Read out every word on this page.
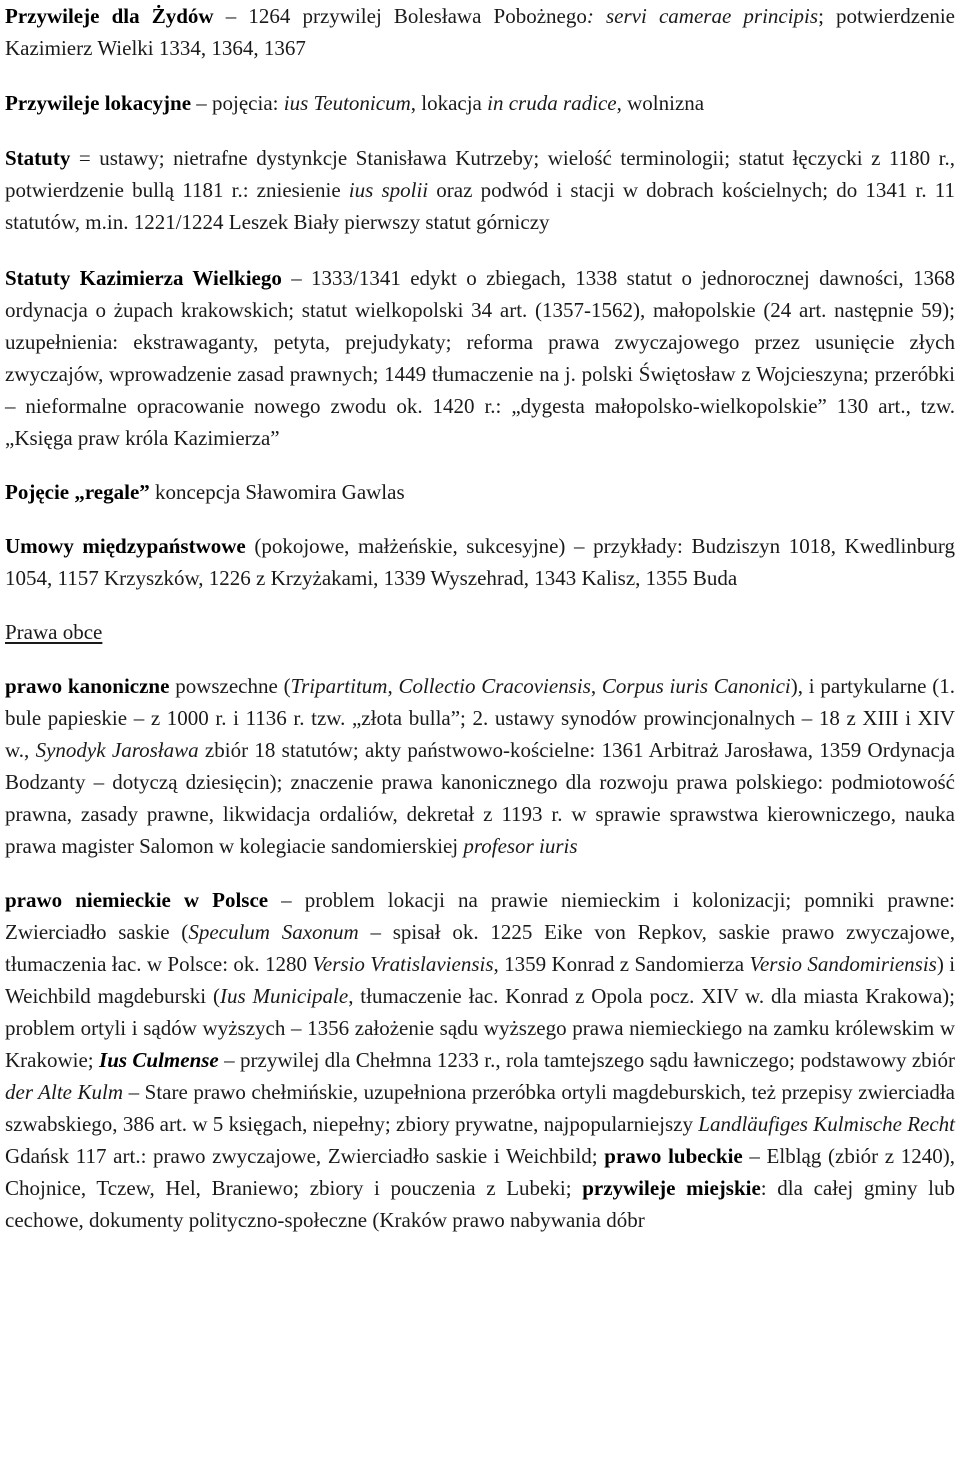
Przywileje dla Żydów – 1264 przywilej Bolesława Pobożnego: servi camerae principis; potwierdzenie Kazimierz Wielki 1334, 1364, 1367

Przywileje lokacyjne – pojęcia: ius Teutonicum, lokacja in cruda radice, wolnizna

Statuty = ustawy; nietrafne dystynkcje Stanisława Kutrzeby; wielość terminologii; statut łęczycki z 1180 r., potwierdzenie bullą 1181 r.: zniesienie ius spolii oraz podwód i stacji w dobrach kościelnych; do 1341 r. 11 statutów, m.in. 1221/1224 Leszek Biały pierwszy statut górniczy

Statuty Kazimierza Wielkiego – 1333/1341 edykt o zbiegach, 1338 statut o jednorocznej dawności, 1368 ordynacja o żupach krakowskich; statut wielkopolski 34 art. (1357-1562), małopolskie (24 art. następnie 59); uzupełnienia: ekstrawaganty, petyta, prejudykaty; reforma prawa zwyczajowego przez usunięcie złych zwyczajów, wprowadzenie zasad prawnych; 1449 tłumaczenie na j. polski Świętosław z Wojcieszyna; przeróbki – nieformalne opracowanie nowego zwodu ok. 1420 r.: „dygesta małopolsko-wielkopolskie” 130 art., tzw. „Księga praw króla Kazimierza”

Pojęcie „regale” koncepcja Sławomira Gawlas

Umowy międzypaństwowe (pokojowe, małżeńskie, sukcesyjne) – przykłady: Budziszyn 1018, Kwedlinburg 1054, 1157 Krzyszków, 1226 z Krzyżakami, 1339 Wyszehrad, 1343 Kalisz, 1355 Buda

Prawa obce

prawo kanoniczne powszechne (Tripartitum, Collectio Cracoviensis, Corpus iuris Canonici), i partykularne (1. bule papieskie – z 1000 r. i 1136 r. tzw. „złota bulla”; 2. ustawy synodów prowincjonalnych – 18 z XIII i XIV w., Synodyk Jarosława zbiór 18 statutów; akty państwowo-kościelne: 1361 Arbitraż Jarosława, 1359 Ordynacja Bodzanty – dotyczą dziesięcin); znaczenie prawa kanonicznego dla rozwoju prawa polskiego: podmiotowość prawna, zasady prawne, likwidacja ordaliów, dekretał z 1193 r. w sprawie sprawstwa kierowniczego, nauka prawa magister Salomon w kolegiacie sandomierskiej profesor iuris

prawo niemieckie w Polsce – problem lokacji na prawie niemieckim i kolonizacji; pomniki prawne: Zwierciadło saskie (Speculum Saxonum – spisał ok. 1225 Eike von Repkov, saskie prawo zwyczajowe, tłumaczenia łac. w Polsce: ok. 1280 Versio Vratislaviensis, 1359 Konrad z Sandomierza Versio Sandomiriensis) i Weichbild magdeburski (Ius Municipale, tłumaczenie łac. Konrad z Opola pocz. XIV w. dla miasta Krakowa); problem ortyli i sądów wyższych – 1356 założenie sądu wyższego prawa niemieckiego na zamku królewskim w Krakowie; Ius Culmense – przywilej dla Chełmna 1233 r., rola tamtejszego sądu ławniczego; podstawowy zbiór der Alte Kulm – Stare prawo chełmińskie, uzupełniona przeróbka ortyli magdeburskich, też przepisy zwierciadła szwabskiego, 386 art. w 5 księgach, niepełny; zbiory prywatne, najpopularniejszy Landläufiges Kulmische Recht Gdańsk 117 art.: prawo zwyczajowe, Zwierciadło saskie i Weichbild; prawo lubeckie – Elbląg (zbiór z 1240), Chojnice, Tczew, Hel, Braniewo; zbiory i pouczenia z Lubeki; przywileje miejskie: dla całej gminy lub cechowe, dokumenty polityczno-społeczne (Kraków prawo nabywania dóbr
